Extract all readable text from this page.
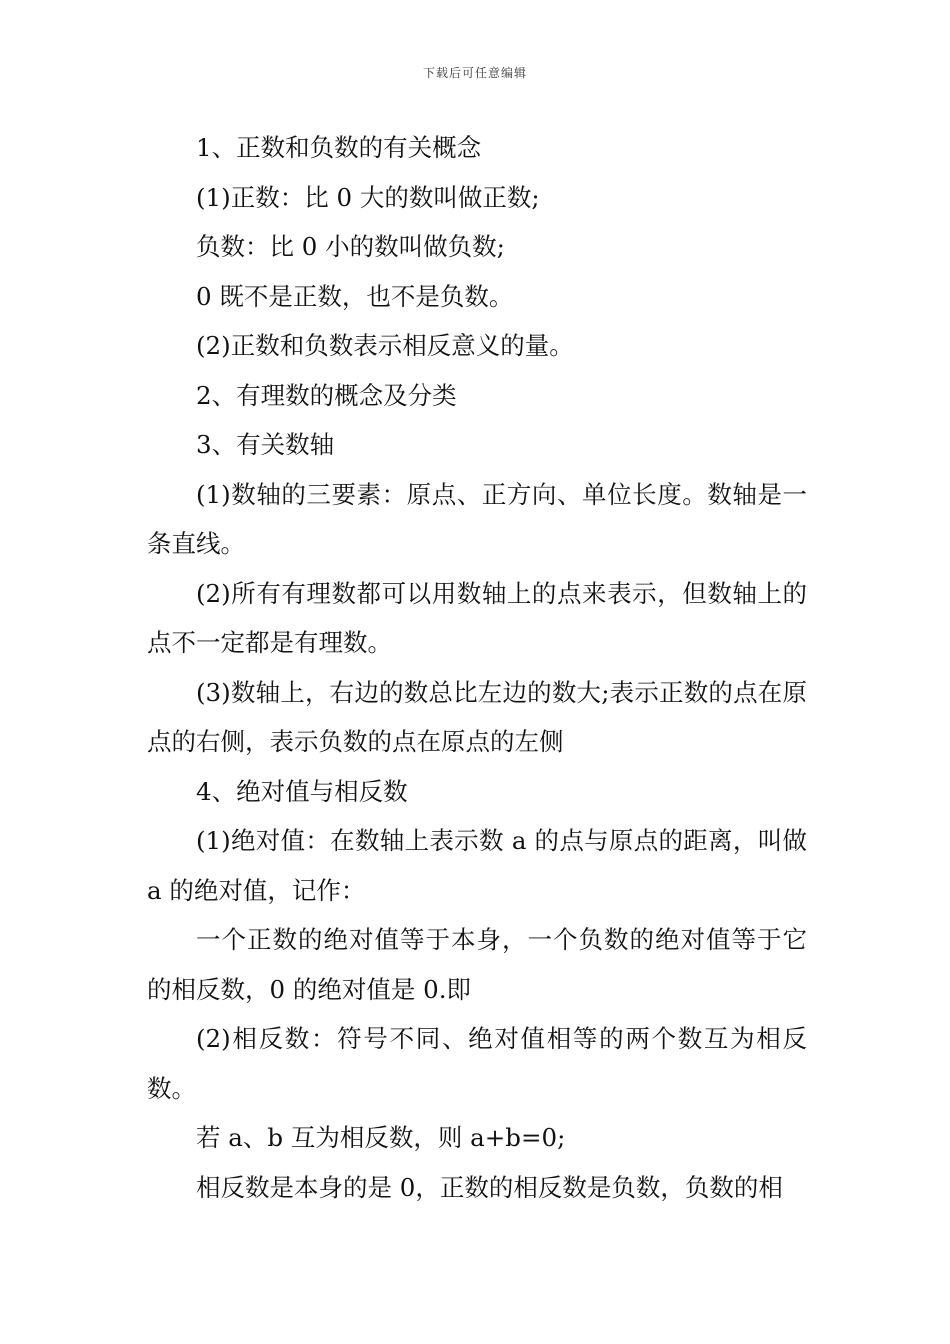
下载后可任意编辑

1、正数和负数的有关概念

(1)正数：比 0 大的数叫做正数;

负数：比 0 小的数叫做负数;

0 既不是正数，也不是负数。

(2)正数和负数表示相反意义的量。

2、有理数的概念及分类

3、有关数轴

(1)数轴的三要素：原点、正方向、单位长度。数轴是一条直线。

(2)所有有理数都可以用数轴上的点来表示，但数轴上的点不一定都是有理数。

(3)数轴上，右边的数总比左边的数大;表示正数的点在原点的右侧，表示负数的点在原点的左侧

4、绝对值与相反数

(1)绝对值：在数轴上表示数 a 的点与原点的距离，叫做 a 的绝对值，记作：

一个正数的绝对值等于本身，一个负数的绝对值等于它的相反数，0 的绝对值是 0.即

(2)相反数：符号不同、绝对值相等的两个数互为相反数。

若 a、b 互为相反数，则 a+b=0;

相反数是本身的是 0，正数的相反数是负数，负数的相
